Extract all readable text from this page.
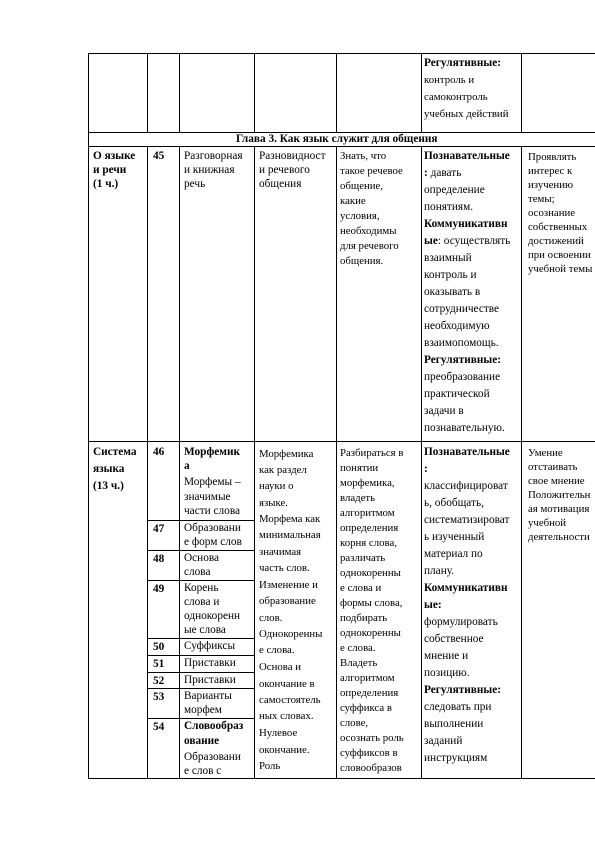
Регулятивные:
контроль и
самоконтроль
учебных действий
Глава 3. Как язык служит для общения
О языке
и речи
(1 ч.)
45 Разговорная
и книжная
речь
Разновидност
и речевого
общения
Знать, что
такое речевое
общение,
какие
условия,
необходимы
для речевого
общения.
Познавательные
: давать
определение
понятиям.
Коммуникативн
ые: осуществлять
взаимный
контроль и
оказывать в
сотрудничестве
необходимую
взаимопомощь.
Регулятивные:
преобразование
практической
задачи в
познавательную.
Проявлять
интерес к
изучению
темы;
осознание
собственных
достижений
при освоении
учебной темы
Система
языка
(13 ч.)
46
47
48
49
50
51
52
53
54
Морфемик
а
Морфемы –
значимые
части слова
Образовани
е форм слов
Основа
слова
Корень
слова и
однокоренн
ые слова
Суффиксы
Приставки
Приставки
Варианты
морфем
Словообраз
ование
Образовани
е слов с
Морфемика
как раздел
науки о
языке.
Морфема как
минимальная
значимая
часть слов.
Изменение и
образование
слов.
Однокоренны
е слова.
Основа и
окончание в
самостоятель
ных словах.
Нулевое
окончание.
Роль
Разбираться в
понятии
морфемика,
владеть
алгоритмом
определения
корня слова,
различать
однокоренны
е слова и
формы слова,
подбирать
однокоренны
е слова.
Владеть
алгоритмом
определения
суффикса в
слове,
осознать роль
суффиксов в
словообразов
Познавательные
:
классифицироват
ь, обобщать,
систематизироват
ь изученный
материал по
плану.
Коммуникативн
ые:
формулировать
собственное
мнение и
позицию.
Регулятивные:
следовать при
выполнении
заданий
инструкциям
Умение
отстаивать
свое мнение
Положительн
ая мотивация
учебной
деятельности
